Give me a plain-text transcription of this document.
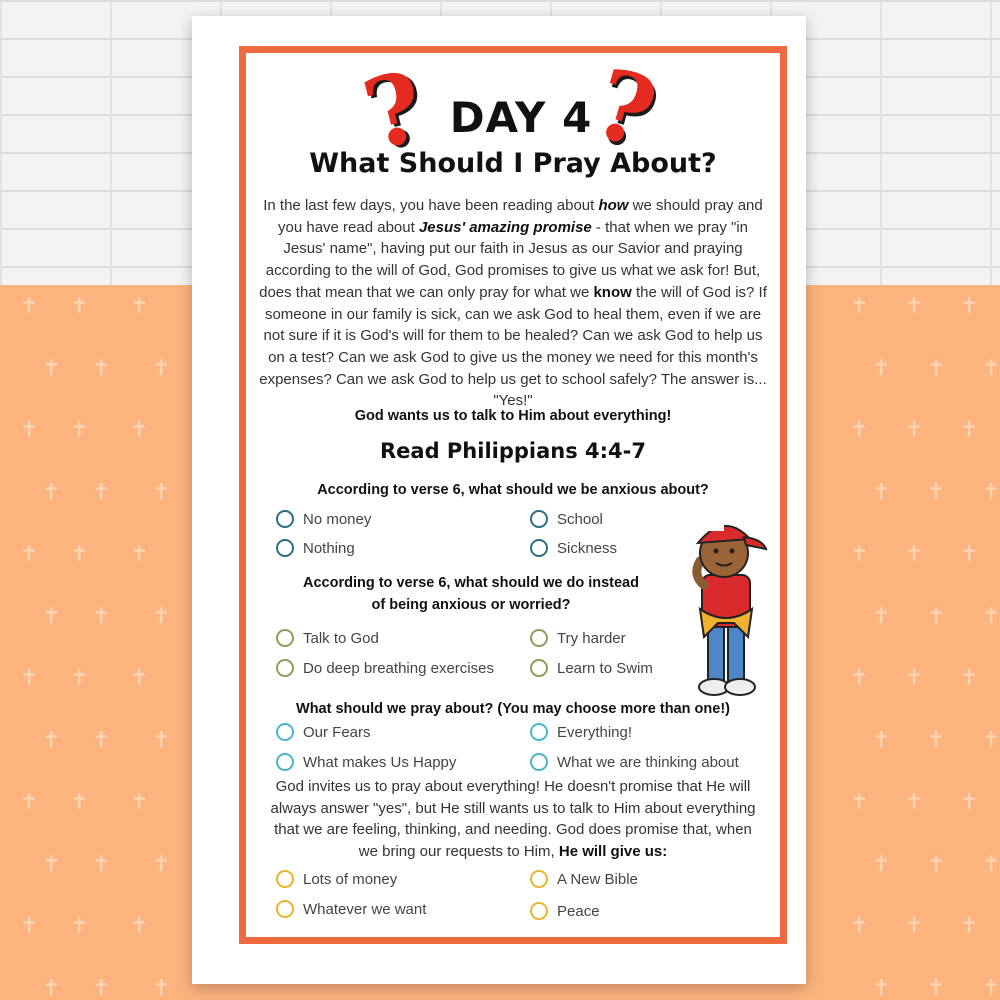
✝ ✝ ✝	✝ ✝ ✝
✝ ✝ ✝	✝ ✝ ✝
✝ ✝ ✝	✝ ✝ ✝
✝ ✝ ✝	✝ ✝ ✝
✝ ✝ ✝	✝ ✝ ✝
✝ ✝ ✝	✝ ✝ ✝
✝ ✝ ✝	✝ ✝ ✝
✝ ✝ ✝	✝ ✝ ✝
✝ ✝ ✝	✝ ✝ ✝
✝ ✝ ✝	✝ ✝ ✝
✝ ✝ ✝	✝ ✝ ✝
✝ ✝ ✝	✝ ✝ ✝
? DAY 4
?
What Should I Pray About?
In the last few days, you have been reading about how we should pray and you have read about Jesus' amazing promise - that when we pray "in Jesus' name", having put our faith in Jesus as our Savior and praying according to the will of God, God promises to give us what we ask for! But, does that mean that we can only pray for what we know the will of God is? If someone in our family is sick, can we ask God to heal them, even if we are not sure if it is God's will for them to be healed? Can we ask God to help us on a test? Can we ask God to give us the money we need for this month's expenses? Can we ask God to help us get to school safely? The answer is... "Yes!"
God wants us to talk to Him about everything!
Read Philippians 4:4-7
According to verse 6, what should we be anxious about?
No money	School
Nothing	Sickness
According to verse 6, what should we do instead
of being anxious or worried?
Talk to God	Try harder
Do deep breathing exercises	Learn to Swim
What should we pray about? (You may choose more than one!)
Our Fears	Everything!
What makes Us Happy	What we are thinking about
God invites us to pray about everything! He doesn't promise that He will always answer "yes", but He still wants us to talk to Him about everything that we are feeling, thinking, and needing. God does promise that, when we bring our requests to Him, He will give us:
Lots of money	A New Bible
Whatever we want	Peace
